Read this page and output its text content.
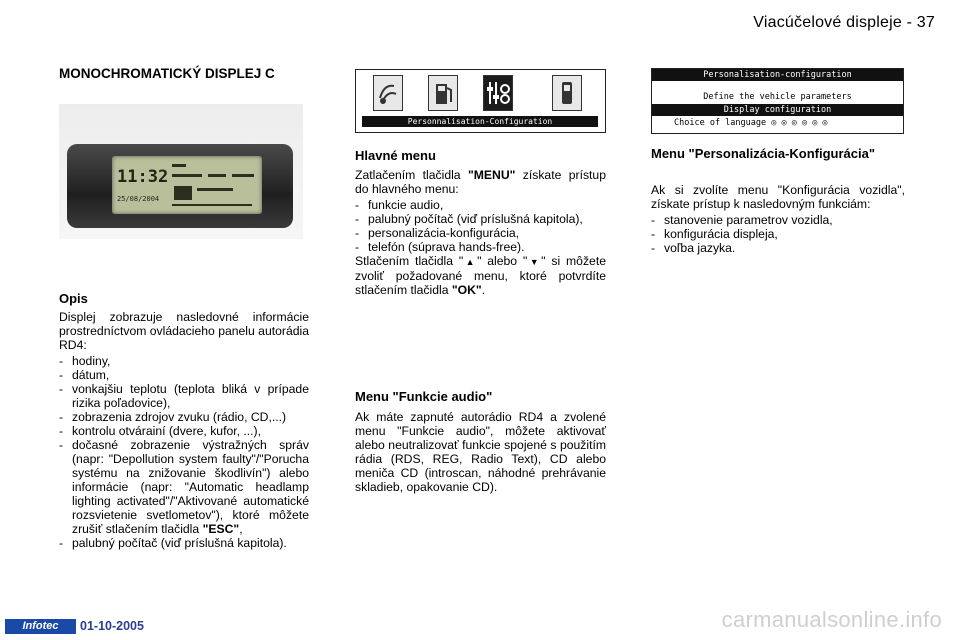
Viacúčelové displeje - 37
MONOCHROMATICKÝ DISPLEJ C
11:32
25/08/2004
Opis
Displej zobrazuje nasledovné informácie prostredníctvom ovládacieho panelu autorádia RD4:
- hodiny,
- dátum,
- vonkajšiu teplotu (teplota bliká v prípade rizika poľadovice),
- zobrazenia zdrojov zvuku (rádio, CD,...)
- kontrolu otvárainí (dvere, kufor, ...),
- dočasné zobrazenie výstražných správ (napr: "Depollution system faulty"/"Porucha systému na znižovanie škodlivín") alebo informácie (napr: "Automatic headlamp lighting activated"/"Aktivované automatické rozsvietenie svetlometov"), ktoré môžete zrušiť stlačením tlačidla "ESC",
- palubný počítač (viď príslušná kapitola).
Personnalisation-Configuration
Hlavné menu
Zatlačením tlačidla "MENU" získate prístup do hlavného menu:
- funkcie audio,
- palubný počítač (viď príslušná kapitola),
- personalizácia-konfigurácia,
- telefón (súprava hands-free).
Stlačením tlačidla "▲" alebo "▼" si môžete zvoliť požadované menu, ktoré potvrdíte stlačením tlačidla "OK".
Menu "Funkcie audio"
Ak máte zapnuté autorádio RD4 a zvolené menu "Funkcie audio", môžete aktivovať alebo neutralizovať funkcie spojené s použitím rádia (RDS, REG, Radio Text), CD alebo meniča CD (introscan, náhodné prehrávanie skladieb, opakovanie CD).
Personalisation-configuration
Define the vehicle parameters
Display configuration
Choice of language ◎ ◎ ◎ ◎ ◎ ◎
Menu "Personalizácia-Konfigurácia"
Ak si zvolíte menu "Konfigurácia vozidla", získate prístup k nasledovným funkciám:
- stanovenie parametrov vozidla,
- konfigurácia displeja,
- voľba jazyka.
Infotec	01-10-2005	carmanualsonline.info
